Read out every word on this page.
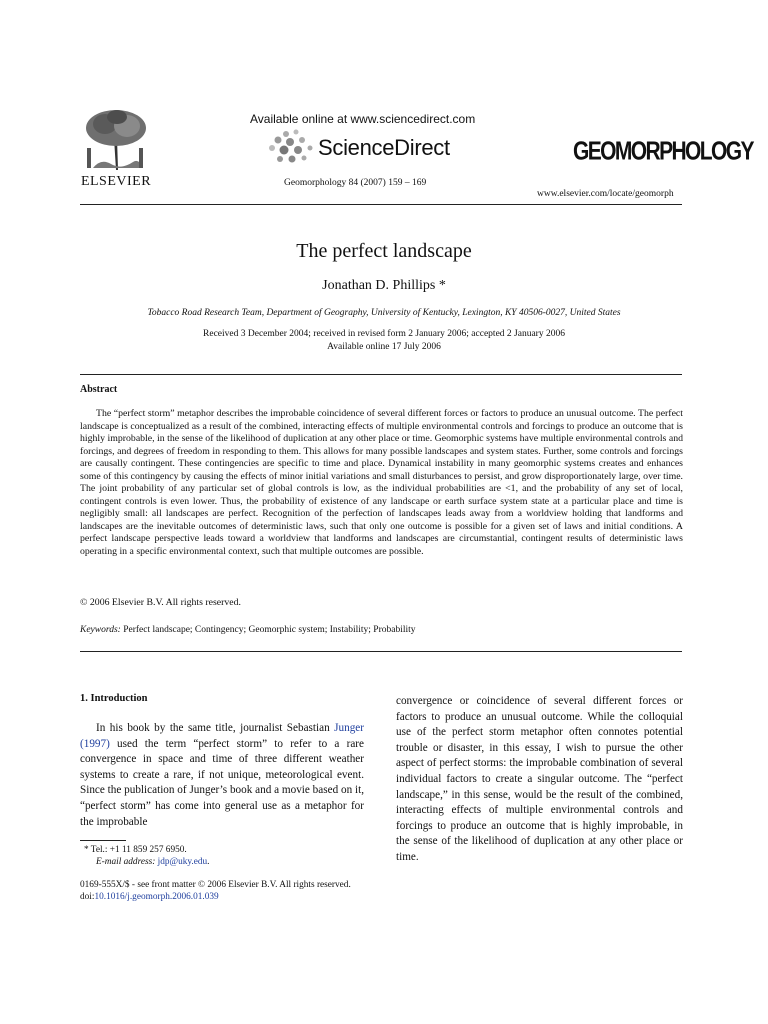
ELSEVIER
Available online at www.sciencedirect.com
ScienceDirect
Geomorphology 84 (2007) 159 – 169
GEOMORPHOLOGY
www.elsevier.com/locate/geomorph
The perfect landscape
Jonathan D. Phillips *
Tobacco Road Research Team, Department of Geography, University of Kentucky, Lexington, KY 40506-0027, United States
Received 3 December 2004; received in revised form 2 January 2006; accepted 2 January 2006
Available online 17 July 2006
Abstract

The “perfect storm” metaphor describes the improbable coincidence of several different forces or factors to produce an unusual outcome. The perfect landscape is conceptualized as a result of the combined, interacting effects of multiple environmental controls and forcings to produce an outcome that is highly improbable, in the sense of the likelihood of duplication at any other place or time. Geomorphic systems have multiple environmental controls and forcings, and degrees of freedom in responding to them. This allows for many possible landscapes and system states. Further, some controls and forcings are causally contingent. These contingencies are specific to time and place. Dynamical instability in many geomorphic systems creates and enhances some of this contingency by causing the effects of minor initial variations and small disturbances to persist, and grow disproportionately large, over time. The joint probability of any particular set of global controls is low, as the individual probabilities are <1, and the probability of any set of local, contingent controls is even lower. Thus, the probability of existence of any landscape or earth surface system state at a particular place and time is negligibly small: all landscapes are perfect. Recognition of the perfection of landscapes leads away from a worldview holding that landforms and landscapes are the inevitable outcomes of deterministic laws, such that only one outcome is possible for a given set of laws and initial conditions. A perfect landscape perspective leads toward a worldview that landforms and landscapes are circumstantial, contingent results of deterministic laws operating in a specific environmental context, such that multiple outcomes are possible.

© 2006 Elsevier B.V. All rights reserved.
Keywords: Perfect landscape; Contingency; Geomorphic system; Instability; Probability
1. Introduction
In his book by the same title, journalist Sebastian Junger (1997) used the term “perfect storm” to refer to a rare convergence in space and time of three different weather systems to create a rare, if not unique, meteorological event. Since the publication of Junger’s book and a movie based on it, “perfect storm” has come into general use as a metaphor for the improbable
convergence or coincidence of several different forces or factors to produce an unusual outcome. While the colloquial use of the perfect storm metaphor often connotes potential trouble or disaster, in this essay, I wish to pursue the other aspect of perfect storms: the improbable combination of several individual factors to create a singular outcome. The “perfect landscape,” in this sense, would be the result of the combined, interacting effects of multiple environmental controls and forcings to produce an outcome that is highly improbable, in the sense of the likelihood of duplication at any other place or time.
* Tel.: +1 11 859 257 6950.
E-mail address: jdp@uky.edu.
0169-555X/$ - see front matter © 2006 Elsevier B.V. All rights reserved.
doi:10.1016/j.geomorph.2006.01.039
